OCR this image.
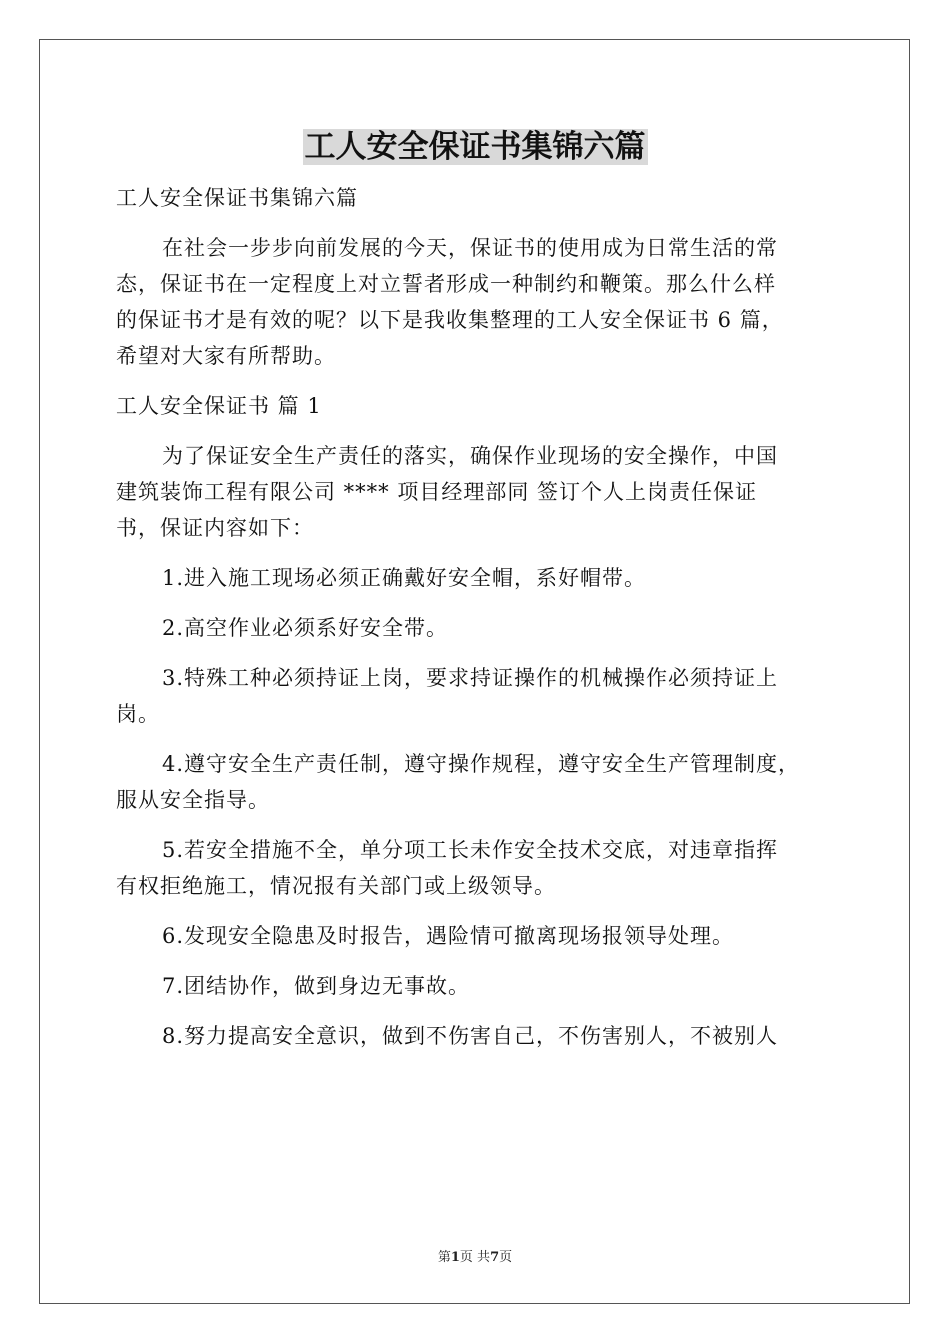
工人安全保证书集锦六篇

工人安全保证书集锦六篇

在社会一步步向前发展的今天，保证书的使用成为日常生活的常

态，保证书在一定程度上对立誓者形成一种制约和鞭策。那么什么样

的保证书才是有效的呢？以下是我收集整理的工人安全保证书 6 篇，

希望对大家有所帮助。

工人安全保证书 篇 1

为了保证安全生产责任的落实，确保作业现场的安全操作，中国

建筑装饰工程有限公司 **** 项目经理部同 签订个人上岗责任保证

书，保证内容如下：

1.进入施工现场必须正确戴好安全帽，系好帽带。

2.高空作业必须系好安全带。

3.特殊工种必须持证上岗，要求持证操作的机械操作必须持证上

岗。

4.遵守安全生产责任制，遵守操作规程，遵守安全生产管理制度，

服从安全指导。

5.若安全措施不全，单分项工长未作安全技术交底，对违章指挥

有权拒绝施工，情况报有关部门或上级领导。

6.发现安全隐患及时报告，遇险情可撤离现场报领导处理。

7.团结协作，做到身边无事故。

8.努力提高安全意识，做到不伤害自己，不伤害别人，不被别人

第1页 共7页
